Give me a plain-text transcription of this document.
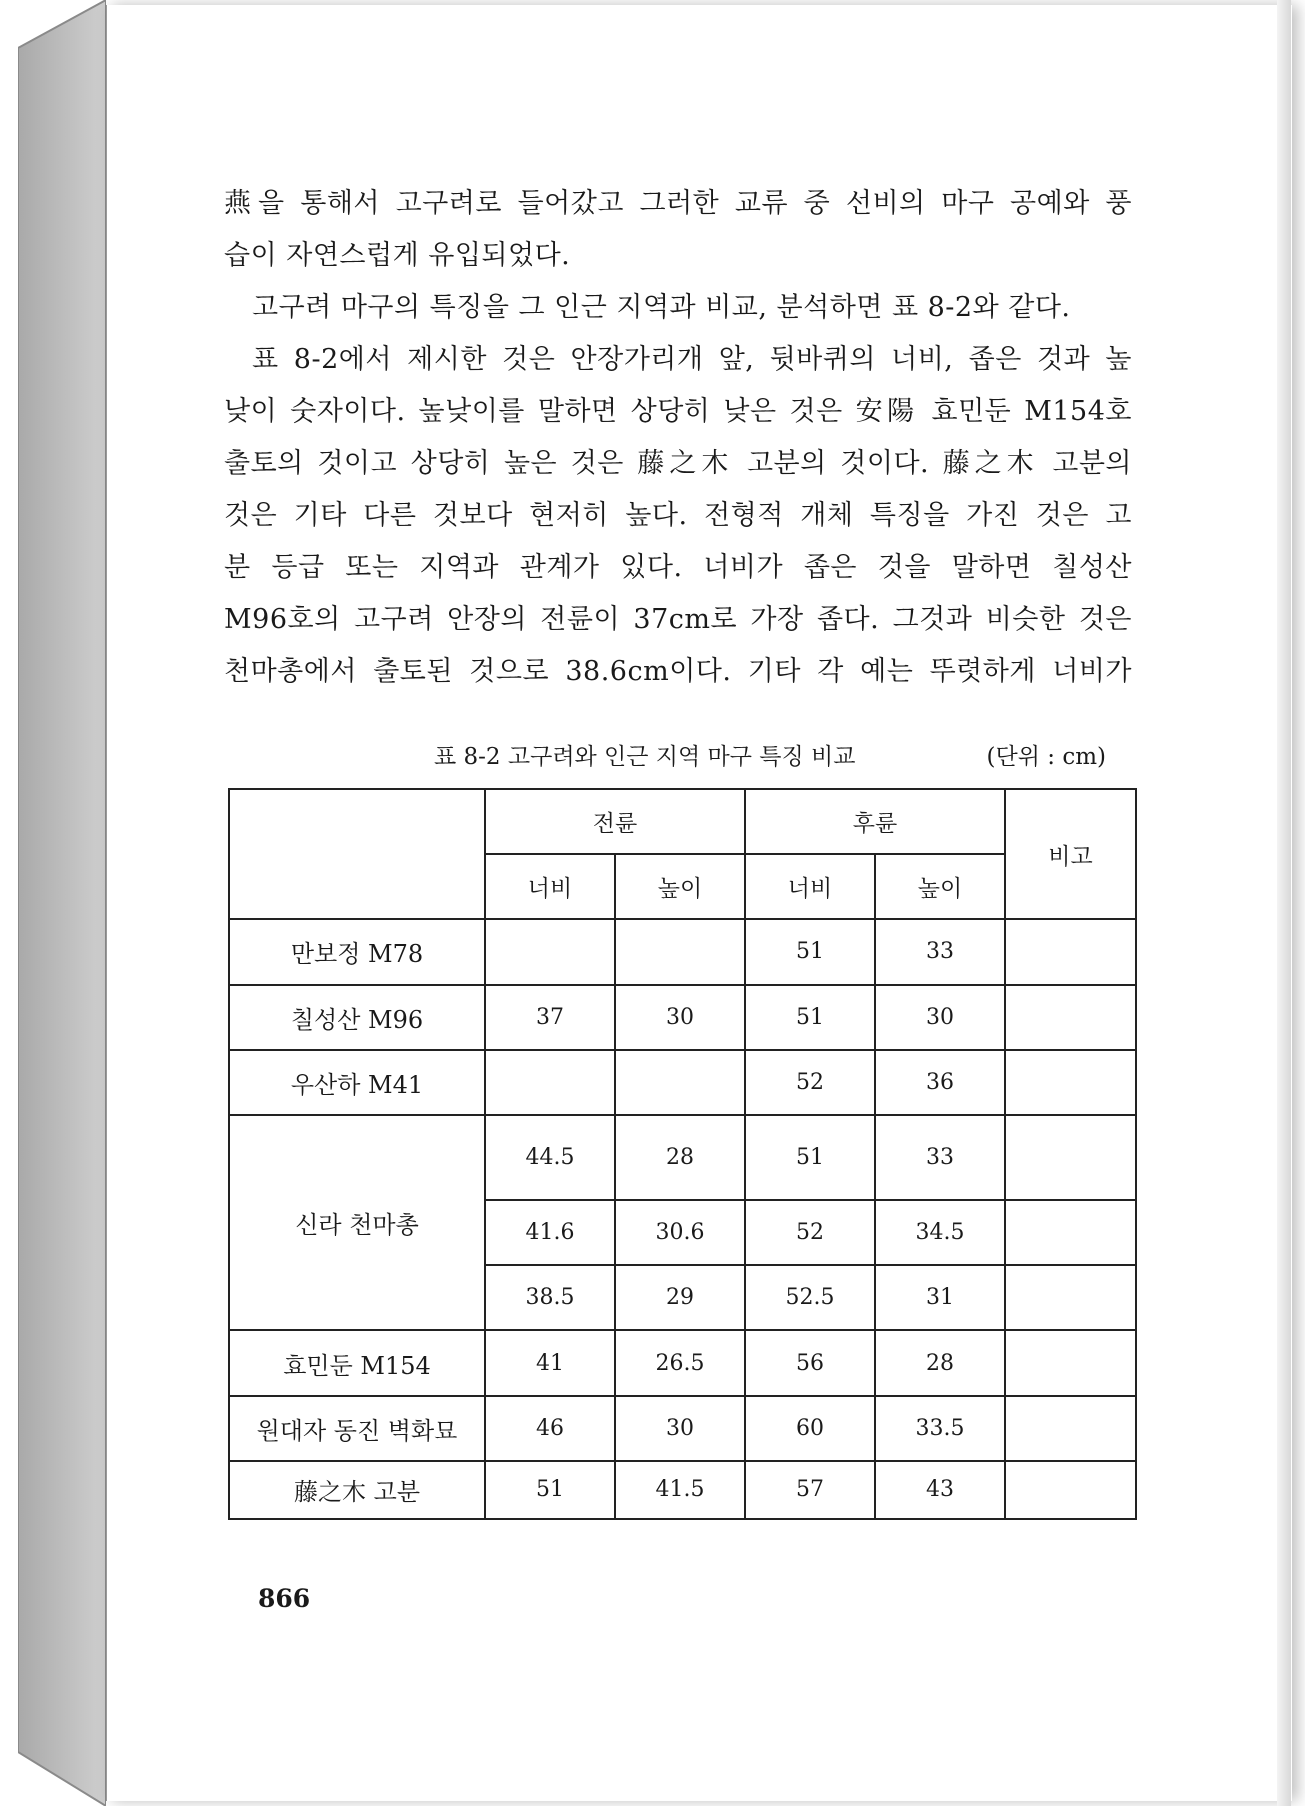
燕을 통해서 고구려로 들어갔고 그러한 교류 중 선비의 마구 공예와 풍

습이 자연스럽게 유입되었다.

고구려 마구의 특징을 그 인근 지역과 비교, 분석하면 표 8-2와 같다.

표 8-2에서 제시한 것은 안장가리개 앞, 뒷바퀴의 너비, 좁은 것과 높

낮이 숫자이다. 높낮이를 말하면 상당히 낮은 것은 安陽 효민둔 M154호

출토의 것이고 상당히 높은 것은 藤之木 고분의 것이다. 藤之木 고분의

것은 기타 다른 것보다 현저히 높다. 전형적 개체 특징을 가진 것은 고

분 등급 또는 지역과 관계가 있다. 너비가 좁은 것을 말하면 칠성산

M96호의 고구려 안장의 전륜이 37cm로 가장 좁다. 그것과 비슷한 것은

천마총에서 출토된 것으로 38.6cm이다. 기타 각 예는 뚜렷하게 너비가

표 8-2 고구려와 인근 지역 마구 특징 비교	(단위 : cm)
	전륜		후륜		비고
	너비	높이	너비	높이	
만보정 M78			51	33	
칠성산 M96	37	30	51	30	
우산하 M41			52	36	
신라 천마총	44.5	28	51	33	
	41.6	30.6	52	34.5	
	38.5	29	52.5	31	
효민둔 M154	41	26.5	56	28	
원대자 동진 벽화묘	46	30	60	33.5	
藤之木 고분	51	41.5	57	43	
866
